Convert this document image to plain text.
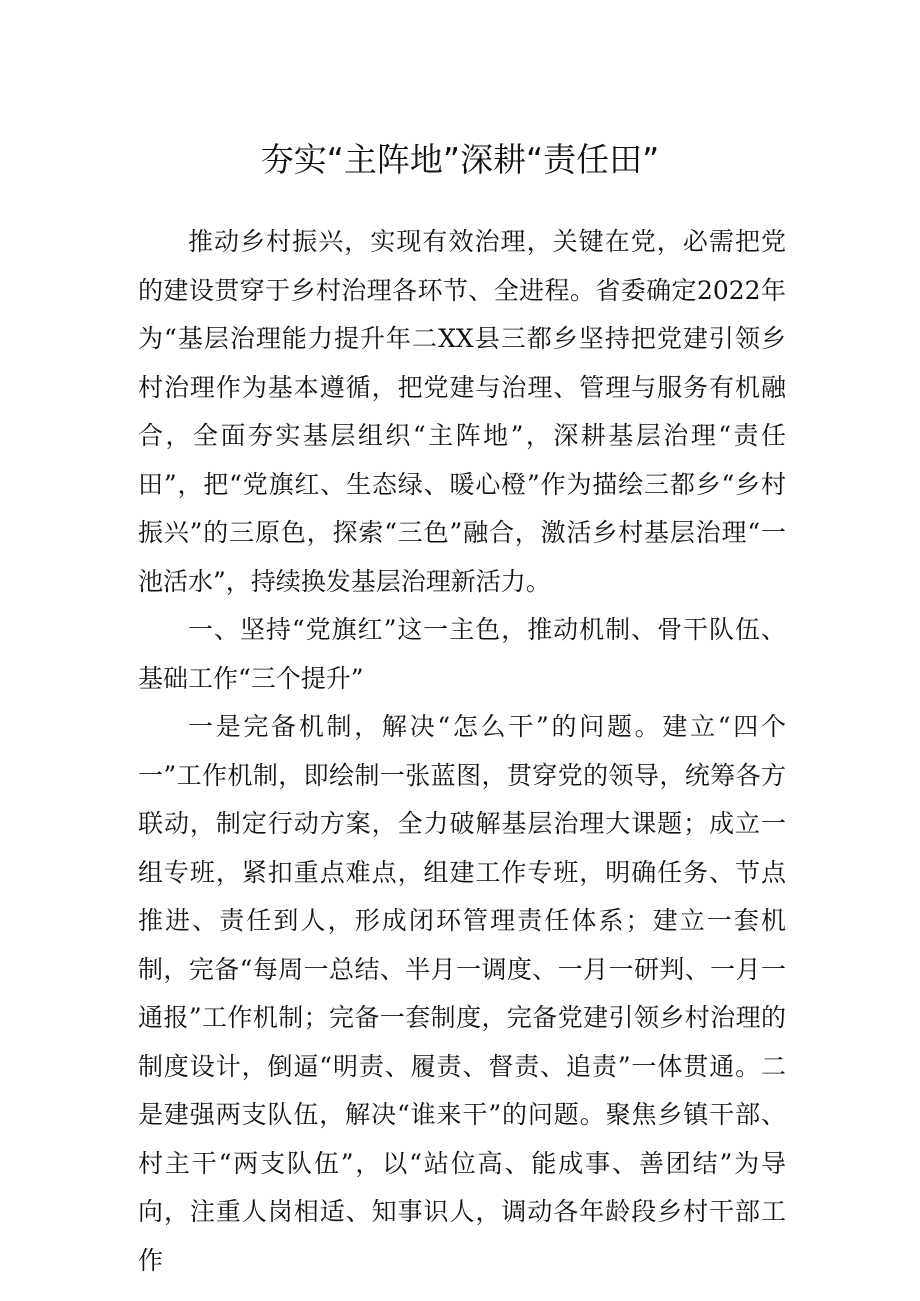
夯实“主阵地”深耕“责任田”

推动乡村振兴，实现有效治理，关键在党，必需把党的建设贯穿于乡村治理各环节、全进程。省委确定2022年为“基层治理能力提升年二XX县三都乡坚持把党建引领乡村治理作为基本遵循，把党建与治理、管理与服务有机融合，全面夯实基层组织“主阵地”，深耕基层治理“责任田”，把“党旗红、生态绿、暖心橙”作为描绘三都乡“乡村振兴”的三原色，探索“三色”融合，激活乡村基层治理“一池活水”，持续换发基层治理新活力。

一、坚持“党旗红”这一主色，推动机制、骨干队伍、基础工作“三个提升”

一是完备机制，解决“怎么干”的问题。建立“四个一”工作机制，即绘制一张蓝图，贯穿党的领导，统筹各方联动，制定行动方案，全力破解基层治理大课题；成立一组专班，紧扣重点难点，组建工作专班，明确任务、节点推进、责任到人，形成闭环管理责任体系；建立一套机制，完备“每周一总结、半月一调度、一月一研判、一月一通报”工作机制；完备一套制度，完备党建引领乡村治理的制度设计，倒逼“明责、履责、督责、追责”一体贯通。二是建强两支队伍，解决“谁来干”的问题。聚焦乡镇干部、村主干“两支队伍”，以“站位高、能成事、善团结”为导向，注重人岗相适、知事识人，调动各年龄段乡村干部工作
